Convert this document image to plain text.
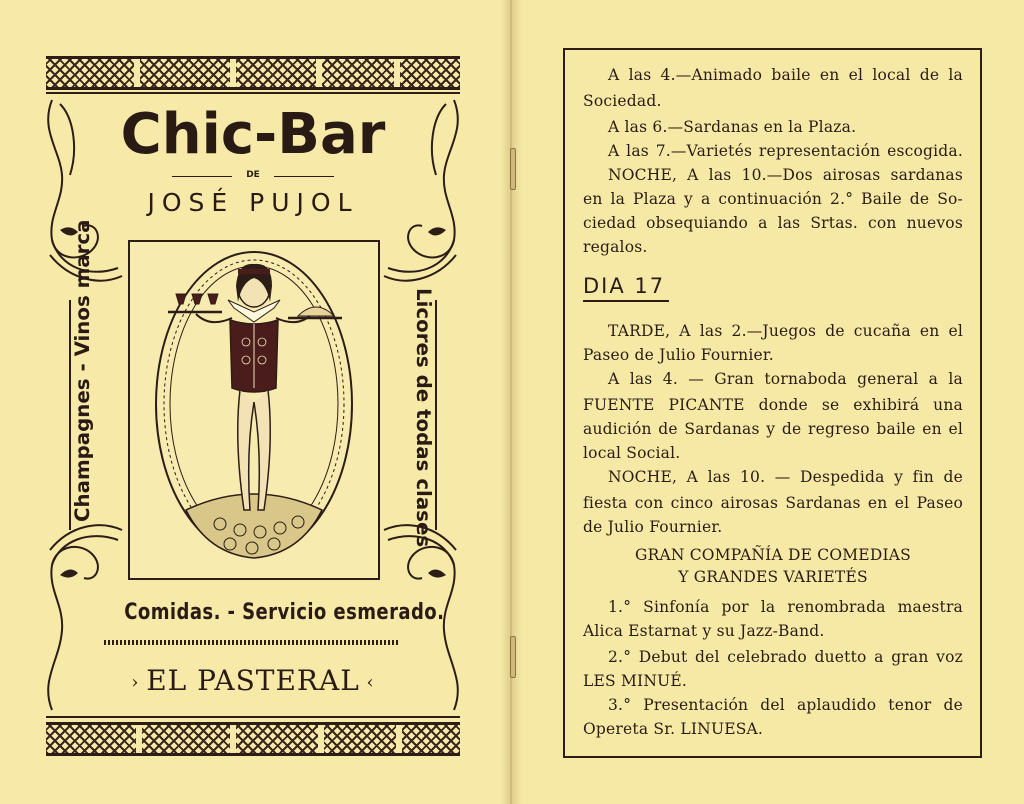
Chic-Bar
DE
JOSÉ PUJOL
Champagnes - Vinos marca	Licores de todas clases
Comidas. - Servicio esmerado.
› EL PASTERAL ‹
A las 4.—Animado baile en el local de la
Sociedad.
A las 6.—Sardanas en la Plaza.
A las 7.—Varietés representación escogida.
NOCHE, A las 10.—Dos airosas sardanas
en la Plaza y a continuación 2.° Baile de So-
ciedad obsequiando a las Srtas. con nuevos
regalos.
DIA 17
TARDE, A las 2.—Juegos de cucaña en el
Paseo de Julio Fournier.
A las 4. — Gran tornaboda general a la
FUENTE PICANTE donde se exhibirá una
audición de Sardanas y de regreso baile en el
local Social.
NOCHE, A las 10. — Despedida y fin de
fiesta con cinco airosas Sardanas en el Paseo
de Julio Fournier.
GRAN COMPAÑÍA DE COMEDIAS
Y GRANDES VARIETÉS
1.° Sinfonía por la renombrada maestra
Alica Estarnat y su Jazz-Band.
2.° Debut del celebrado duetto a gran voz
LES MINUÉ.
3.° Presentación del aplaudido tenor de
Opereta Sr. LINUESA.
